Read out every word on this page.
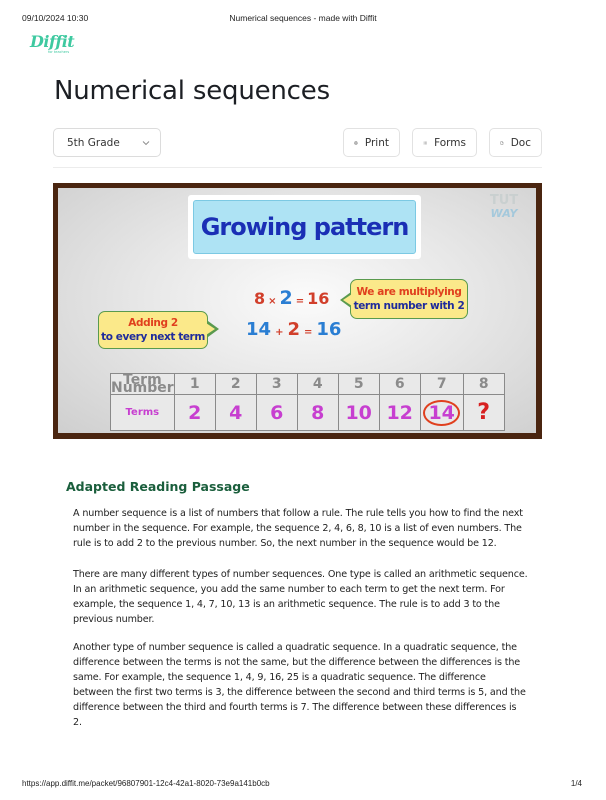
09/10/2024 10:30	Numerical sequences - made with Diffit
Diffit
for teachers
Numerical sequences
5th Grade	Print	Forms	Doc
Growing pattern
TUT
WAY
8 × 2 = 16
14 + 2 = 16
We are multiplying
term number with 2
Adding 2
to every next term
Term Number	1	2	3	4	5	6	7	8
Terms	2	4	6	8	10	12	14	?
Adapted Reading Passage

A number sequence is a list of numbers that follow a rule. The rule tells you how to find the next number in the sequence. For example, the sequence 2, 4, 6, 8, 10 is a list of even numbers. The rule is to add 2 to the previous number. So, the next number in the sequence would be 12.

There are many different types of number sequences. One type is called an arithmetic sequence. In an arithmetic sequence, you add the same number to each term to get the next term. For example, the sequence 1, 4, 7, 10, 13 is an arithmetic sequence. The rule is to add 3 to the previous number.

Another type of number sequence is called a quadratic sequence. In a quadratic sequence, the difference between the terms is not the same, but the difference between the differences is the same. For example, the sequence 1, 4, 9, 16, 25 is a quadratic sequence. The difference between the first two terms is 3, the difference between the second and third terms is 5, and the difference between the third and fourth terms is 7. The difference between these differences is 2.

https://app.diffit.me/packet/96807901-12c4-42a1-8020-73e9a141b0cb	1/4
